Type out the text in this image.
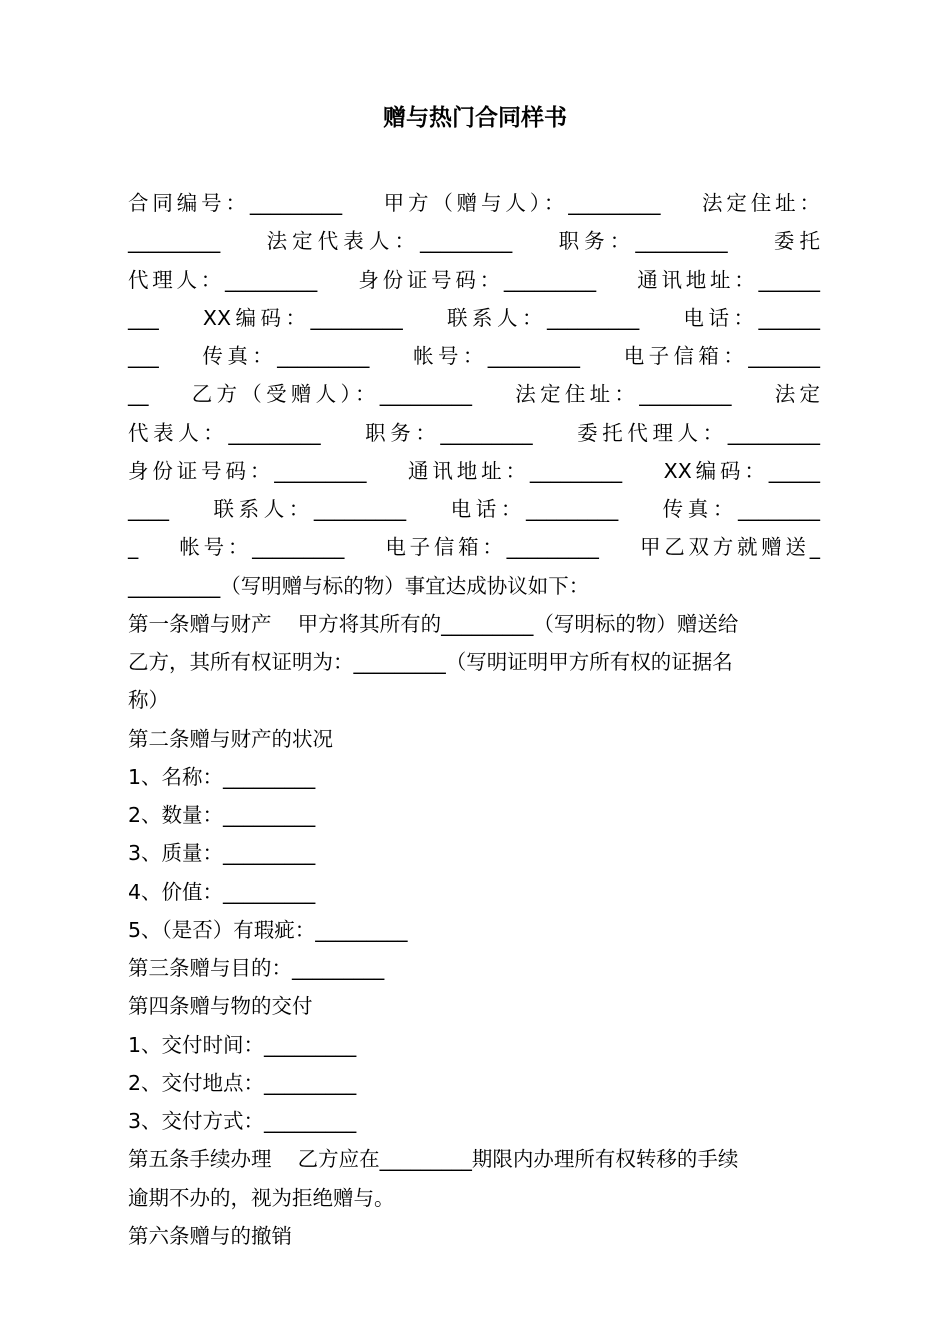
赠与热门合同样书
合同编号：_________    甲方（赠与人）：_________    法定住址：
_________    法定代表人：_________    职务：_________    委托
代理人：_________    身份证号码：_________    通讯地址：______
___    XX编码：_________    联系人：_________    电话：______
___    传真：_________    帐号：_________    电子信箱：_______
__    乙方（受赠人）：_________    法定住址：_________    法定
代表人：_________    职务：_________    委托代理人：_________
身份证号码：_________    通讯地址：_________    XX编码：_____
____    联系人：_________    电话：_________    传真：________
_    帐号：_________    电子信箱：_________    甲乙双方就赠送_
_________（写明赠与标的物）事宜达成协议如下：
第一条赠与财产    甲方将其所有的_________（写明标的物）赠送给
乙方，其所有权证明为：_________（写明证明甲方所有权的证据名
称）
第二条赠与财产的状况
1、名称：_________
2、数量：_________
3、质量：_________
4、价值：_________
5、（是否）有瑕疵：_________
第三条赠与目的：_________
第四条赠与物的交付
1、交付时间：_________
2、交付地点：_________
3、交付方式：_________
第五条手续办理    乙方应在_________期限内办理所有权转移的手续
逾期不办的，视为拒绝赠与。
第六条赠与的撤销
